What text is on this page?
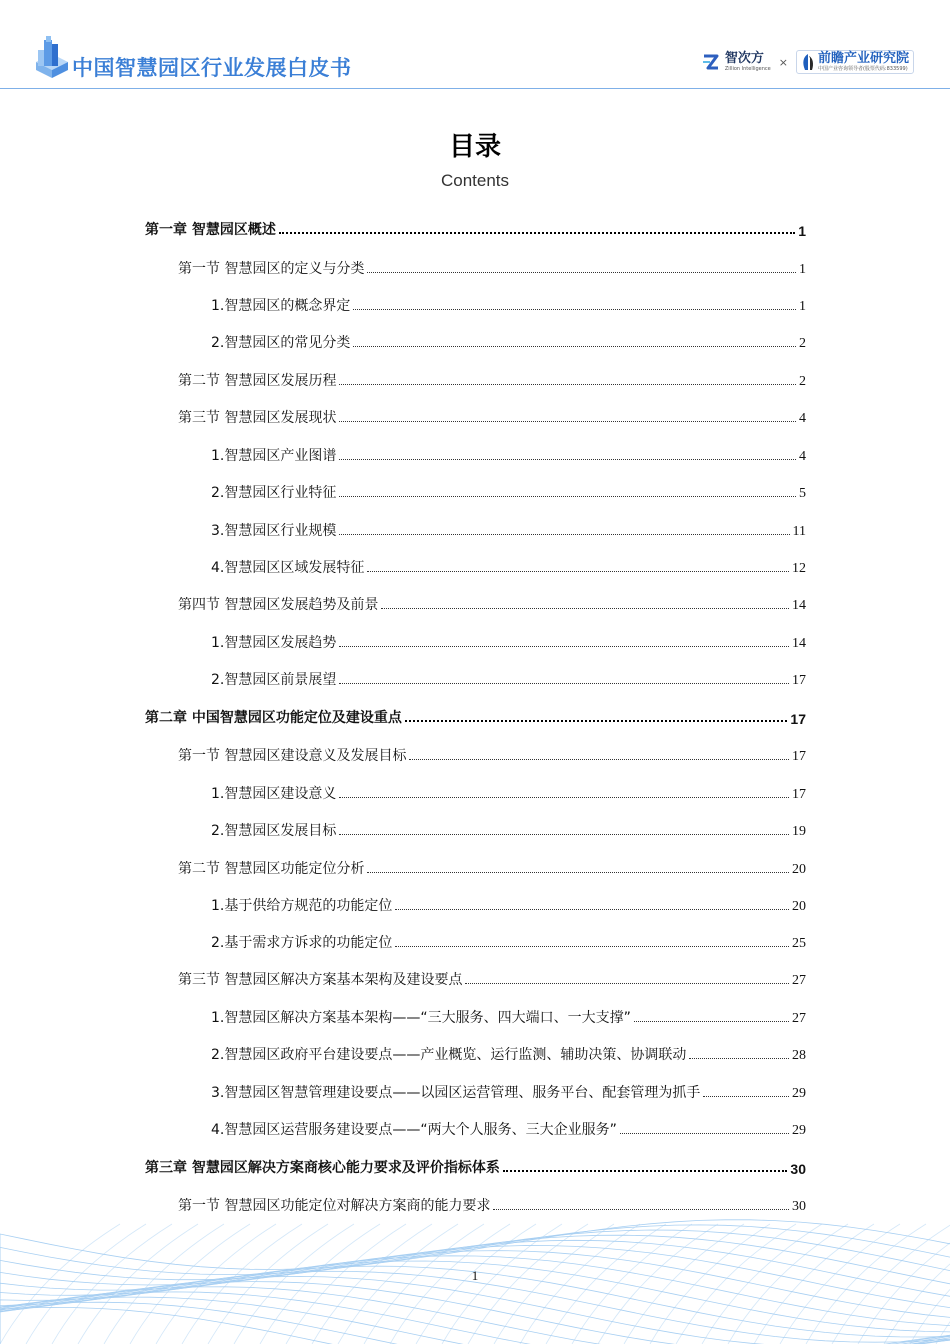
中国智慧园区行业发展白皮书	智次方
Zillion Intelligence
× 前瞻产业研究院
中国产业咨询领导者(股票代码:833599)
目录
Contents
第一章 智慧园区概述	1
第一节 智慧园区的定义与分类	1
1.智慧园区的概念界定	1
2.智慧园区的常见分类	2
第二节 智慧园区发展历程	2
第三节 智慧园区发展现状	4
1.智慧园区产业图谱	4
2.智慧园区行业特征	5
3.智慧园区行业规模	11
4.智慧园区区域发展特征	12
第四节 智慧园区发展趋势及前景	14
1.智慧园区发展趋势	14
2.智慧园区前景展望	17
第二章 中国智慧园区功能定位及建设重点	17
第一节 智慧园区建设意义及发展目标	17
1.智慧园区建设意义	17
2.智慧园区发展目标	19
第二节 智慧园区功能定位分析	20
1.基于供给方规范的功能定位	20
2.基于需求方诉求的功能定位	25
第三节 智慧园区解决方案基本架构及建设要点	27
1.智慧园区解决方案基本架构——“三大服务、四大端口、一大支撑”	27
2.智慧园区政府平台建设要点——产业概览、运行监测、辅助决策、协调联动	28
3.智慧园区智慧管理建设要点——以园区运营管理、服务平台、配套管理为抓手	29
4.智慧园区运营服务建设要点——“两大个人服务、三大企业服务”	29
第三章 智慧园区解决方案商核心能力要求及评价指标体系	30
第一节 智慧园区功能定位对解决方案商的能力要求	30
1
